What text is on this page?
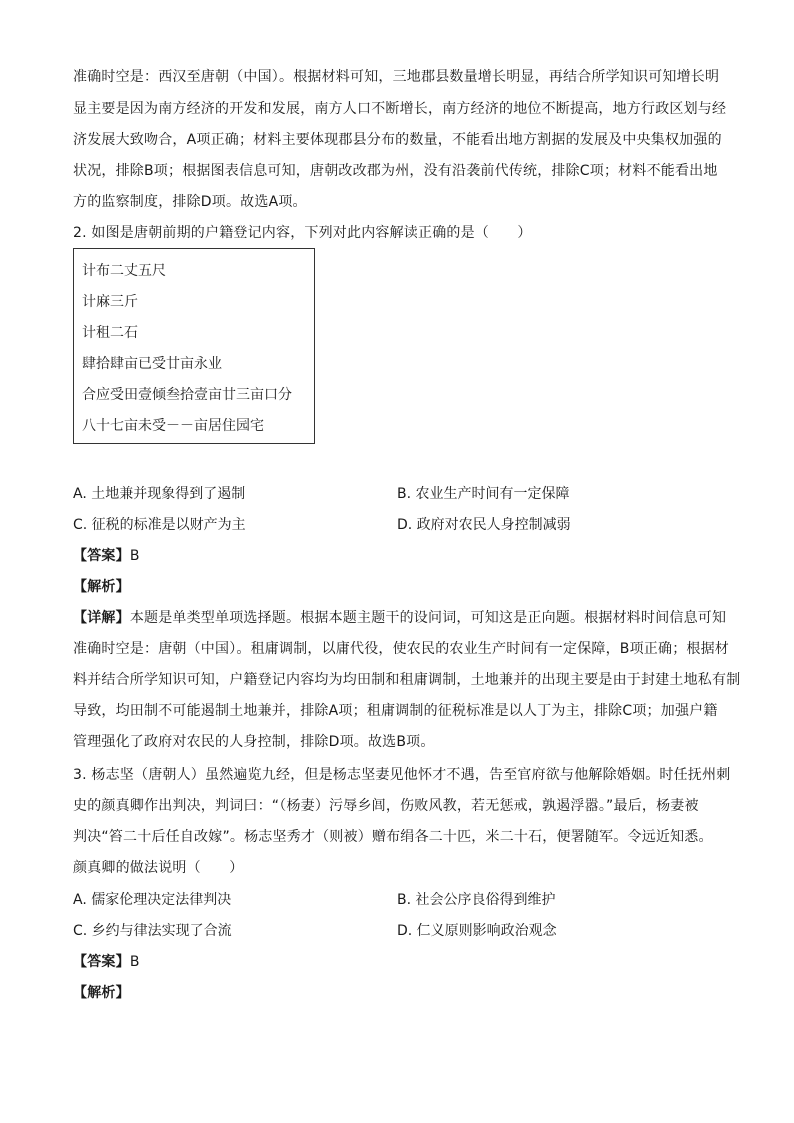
准确时空是：西汉至唐朝（中国）。根据材料可知，三地郡县数量增长明显，再结合所学知识可知增长明
显主要是因为南方经济的开发和发展，南方人口不断增长，南方经济的地位不断提高，地方行政区划与经
济发展大致吻合，A项正确；材料主要体现郡县分布的数量，不能看出地方割据的发展及中央集权加强的
状况，排除B项；根据图表信息可知，唐朝改改郡为州，没有沿袭前代传统，排除C项；材料不能看出地
方的监察制度，排除D项。故选A项。
2. 如图是唐朝前期的户籍登记内容，下列对此内容解读正确的是（　　）
计布二丈五尺
计麻三斤
计租二石
肆拾肆亩已受廿亩永业
合应受田壹倾叁拾壹亩廿三亩口分
八十七亩未受－－亩居住园宅
A. 土地兼并现象得到了遏制	B. 农业生产时间有一定保障
C. 征税的标准是以财产为主	D. 政府对农民人身控制减弱
【答案】B
【解析】
【详解】本题是单类型单项选择题。根据本题主题干的设问词，可知这是正向题。根据材料时间信息可知
准确时空是：唐朝（中国）。租庸调制，以庸代役，使农民的农业生产时间有一定保障，B项正确；根据材
料并结合所学知识可知，户籍登记内容均为均田制和租庸调制，土地兼并的出现主要是由于封建土地私有制
导致，均田制不可能遏制土地兼并，排除A项；租庸调制的征税标准是以人丁为主，排除C项；加强户籍
管理强化了政府对农民的人身控制，排除D项。故选B项。
3. 杨志坚（唐朝人）虽然遍览九经，但是杨志坚妻见他怀才不遇，告至官府欲与他解除婚姻。时任抚州刺
史的颜真卿作出判决，判词曰：“（杨妻）污辱乡闾，伤败风教，若无惩戒，孰遏浮嚣。”最后，杨妻被
判决“笞二十后任自改嫁”。杨志坚秀才（则被）赠布绢各二十匹，米二十石，便署随军。令远近知悉。
颜真卿的做法说明（　　）
A. 儒家伦理决定法律判决	B. 社会公序良俗得到维护
C. 乡约与律法实现了合流	D. 仁义原则影响政治观念
【答案】B
【解析】
